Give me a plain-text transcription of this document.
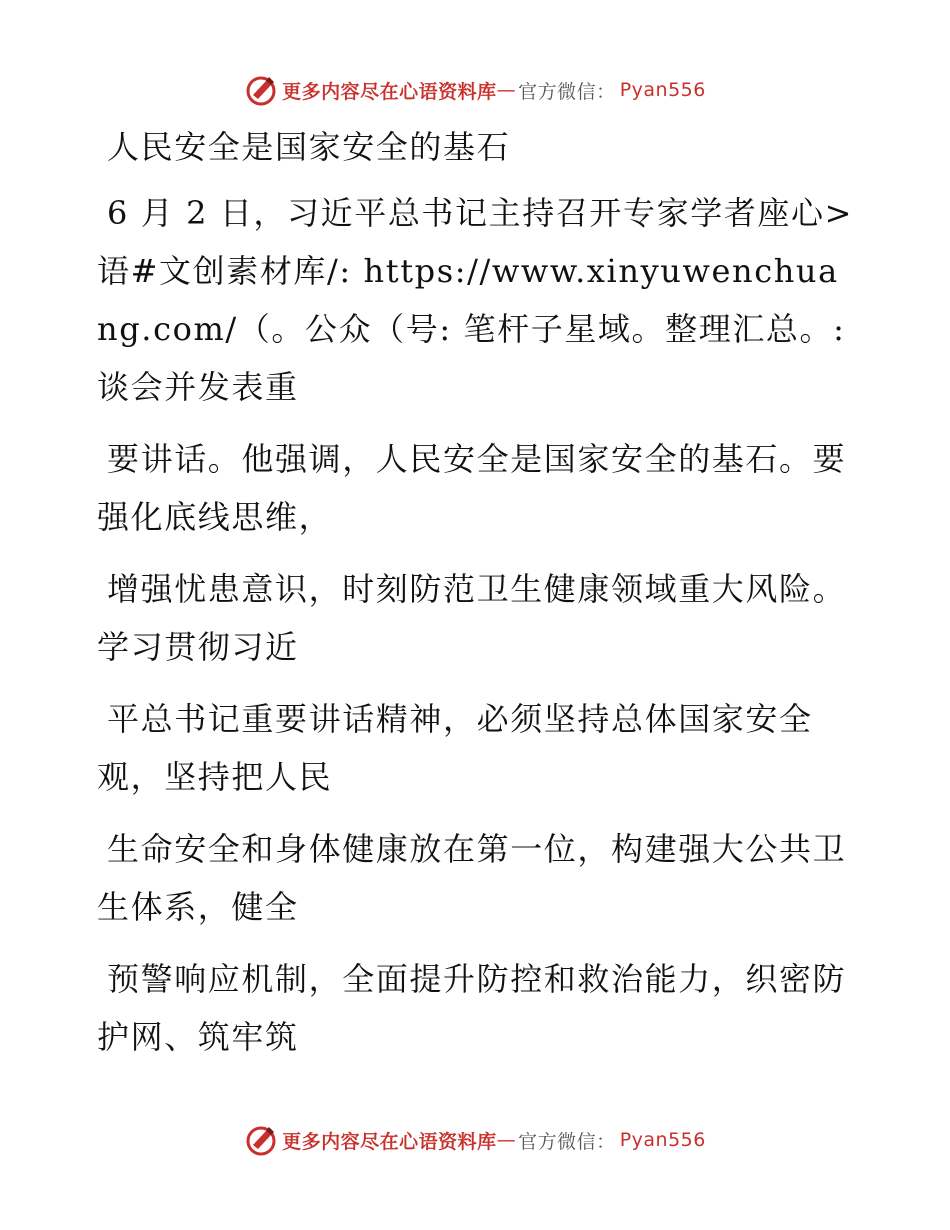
更多内容尽在心语资料库 — 官方微信： Pyan556

人民安全是国家安全的基石

6 月 2 日，习近平总书记主持召开专家学者座心>语#文创素材库/: https://www.xinyuwenchuang.com/（。公众（号: 笔杆子星域。整理汇总。:谈会并发表重

要讲话。他强调，人民安全是国家安全的基石。要强化底线思维，

增强忧患意识，时刻防范卫生健康领域重大风险。学习贯彻习近

平总书记重要讲话精神，必须坚持总体国家安全观，坚持把人民

生命安全和身体健康放在第一位，构建强大公共卫生体系，健全

预警响应机制，全面提升防控和救治能力，织密防护网、筑牢筑

更多内容尽在心语资料库 — 官方微信： Pyan556
